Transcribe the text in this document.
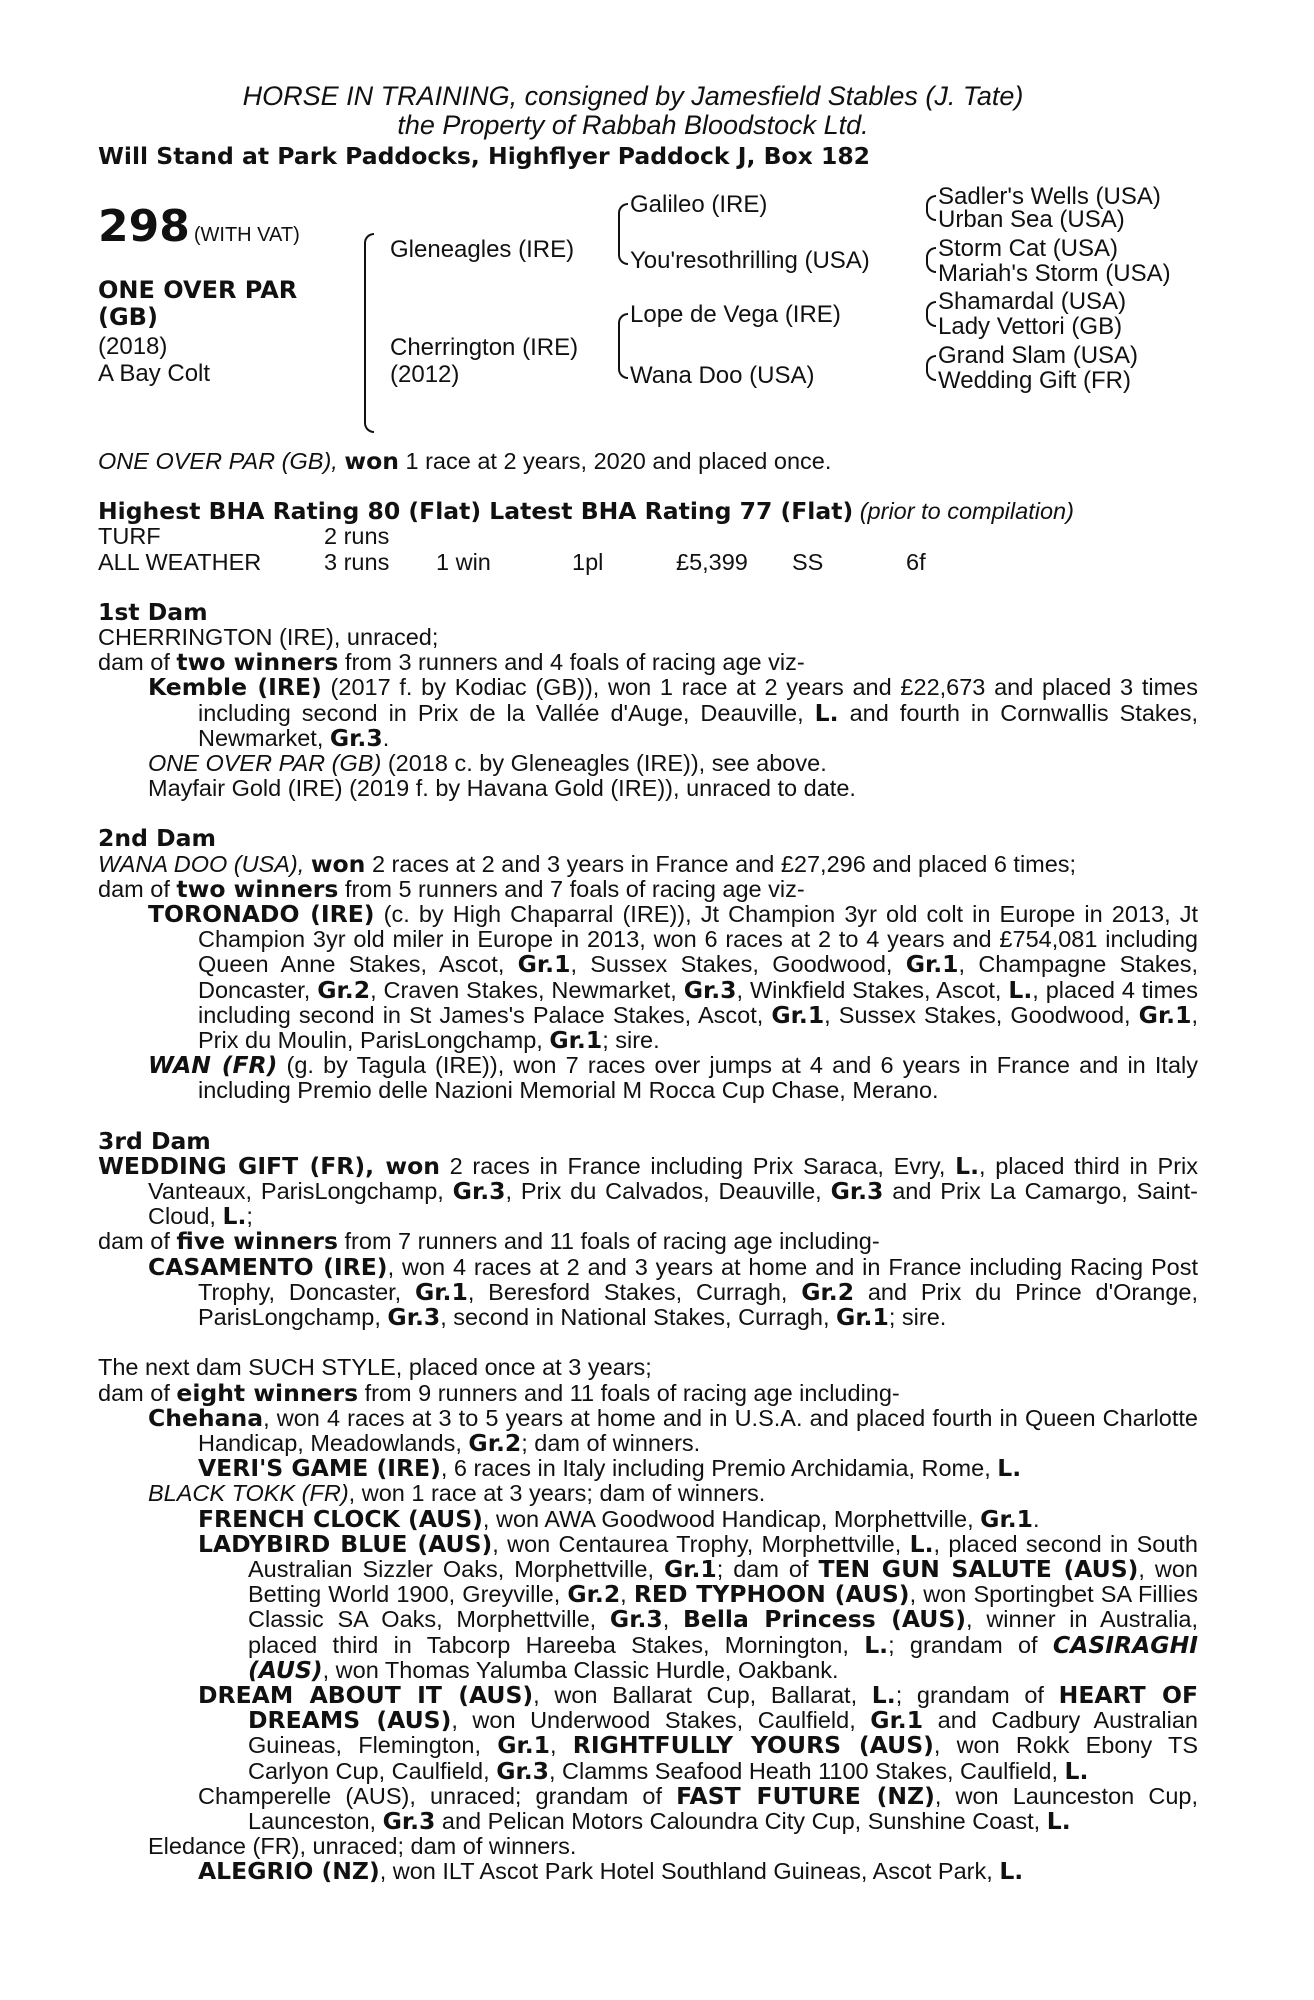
HORSE IN TRAINING, consigned by Jamesfield Stables (J. Tate)
the Property of Rabbah Bloodstock Ltd.
Will Stand at Park Paddocks, Highflyer Paddock J, Box 182
298 (WITH VAT)
ONE OVER PAR
(GB)
(2018)
A Bay Colt
Gleneagles (IRE)
Cherrington (IRE)
(2012)
Galileo (IRE)
You'resothrilling (USA)
Lope de Vega (IRE)
Wana Doo (USA)
Sadler's Wells (USA)
Urban Sea (USA)
Storm Cat (USA)
Mariah's Storm (USA)
Shamardal (USA)
Lady Vettori (GB)
Grand Slam (USA)
Wedding Gift (FR)
ONE OVER PAR (GB), won 1 race at 2 years, 2020 and placed once.
Highest BHA Rating 80 (Flat) Latest BHA Rating 77 (Flat) (prior to compilation)
TURF	2 runs
ALL WEATHER	3 runs	1 win	1pl	£5,399	SS	6f
1st Dam
CHERRINGTON (IRE), unraced;
dam of two winners from 3 runners and 4 foals of racing age viz-
Kemble (IRE) (2017 f. by Kodiac (GB)), won 1 race at 2 years and £22,673 and placed 3 times including second in Prix de la Vallée d'Auge, Deauville, L. and fourth in Cornwallis Stakes, Newmarket, Gr.3.
ONE OVER PAR (GB) (2018 c. by Gleneagles (IRE)), see above.
Mayfair Gold (IRE) (2019 f. by Havana Gold (IRE)), unraced to date.
2nd Dam
WANA DOO (USA), won 2 races at 2 and 3 years in France and £27,296 and placed 6 times;
dam of two winners from 5 runners and 7 foals of racing age viz-
TORONADO (IRE) (c. by High Chaparral (IRE)), Jt Champion 3yr old colt in Europe in 2013, Jt Champion 3yr old miler in Europe in 2013, won 6 races at 2 to 4 years and £754,081 including Queen Anne Stakes, Ascot, Gr.1, Sussex Stakes, Goodwood, Gr.1, Champagne Stakes, Doncaster, Gr.2, Craven Stakes, Newmarket, Gr.3, Winkfield Stakes, Ascot, L., placed 4 times including second in St James's Palace Stakes, Ascot, Gr.1, Sussex Stakes, Goodwood, Gr.1, Prix du Moulin, ParisLongchamp, Gr.1; sire.
WAN (FR) (g. by Tagula (IRE)), won 7 races over jumps at 4 and 6 years in France and in Italy including Premio delle Nazioni Memorial M Rocca Cup Chase, Merano.
3rd Dam
WEDDING GIFT (FR), won 2 races in France including Prix Saraca, Evry, L., placed third in Prix Vanteaux, ParisLongchamp, Gr.3, Prix du Calvados, Deauville, Gr.3 and Prix La Camargo, Saint-Cloud, L.;
dam of five winners from 7 runners and 11 foals of racing age including-
CASAMENTO (IRE), won 4 races at 2 and 3 years at home and in France including Racing Post Trophy, Doncaster, Gr.1, Beresford Stakes, Curragh, Gr.2 and Prix du Prince d'Orange, ParisLongchamp, Gr.3, second in National Stakes, Curragh, Gr.1; sire.
The next dam SUCH STYLE, placed once at 3 years;
dam of eight winners from 9 runners and 11 foals of racing age including-
Chehana, won 4 races at 3 to 5 years at home and in U.S.A. and placed fourth in Queen Charlotte Handicap, Meadowlands, Gr.2; dam of winners.
VERI'S GAME (IRE), 6 races in Italy including Premio Archidamia, Rome, L.
BLACK TOKK (FR), won 1 race at 3 years; dam of winners.
FRENCH CLOCK (AUS), won AWA Goodwood Handicap, Morphettville, Gr.1.
LADYBIRD BLUE (AUS), won Centaurea Trophy, Morphettville, L., placed second in South Australian Sizzler Oaks, Morphettville, Gr.1; dam of TEN GUN SALUTE (AUS), won Betting World 1900, Greyville, Gr.2, RED TYPHOON (AUS), won Sportingbet SA Fillies Classic SA Oaks, Morphettville, Gr.3, Bella Princess (AUS), winner in Australia, placed third in Tabcorp Hareeba Stakes, Mornington, L.; grandam of CASIRAGHI (AUS), won Thomas Yalumba Classic Hurdle, Oakbank.
DREAM ABOUT IT (AUS), won Ballarat Cup, Ballarat, L.; grandam of HEART OF DREAMS (AUS), won Underwood Stakes, Caulfield, Gr.1 and Cadbury Australian Guineas, Flemington, Gr.1, RIGHTFULLY YOURS (AUS), won Rokk Ebony TS Carlyon Cup, Caulfield, Gr.3, Clamms Seafood Heath 1100 Stakes, Caulfield, L.
Champerelle (AUS), unraced; grandam of FAST FUTURE (NZ), won Launceston Cup, Launceston, Gr.3 and Pelican Motors Caloundra City Cup, Sunshine Coast, L.
Eledance (FR), unraced; dam of winners.
ALEGRIO (NZ), won ILT Ascot Park Hotel Southland Guineas, Ascot Park, L.
